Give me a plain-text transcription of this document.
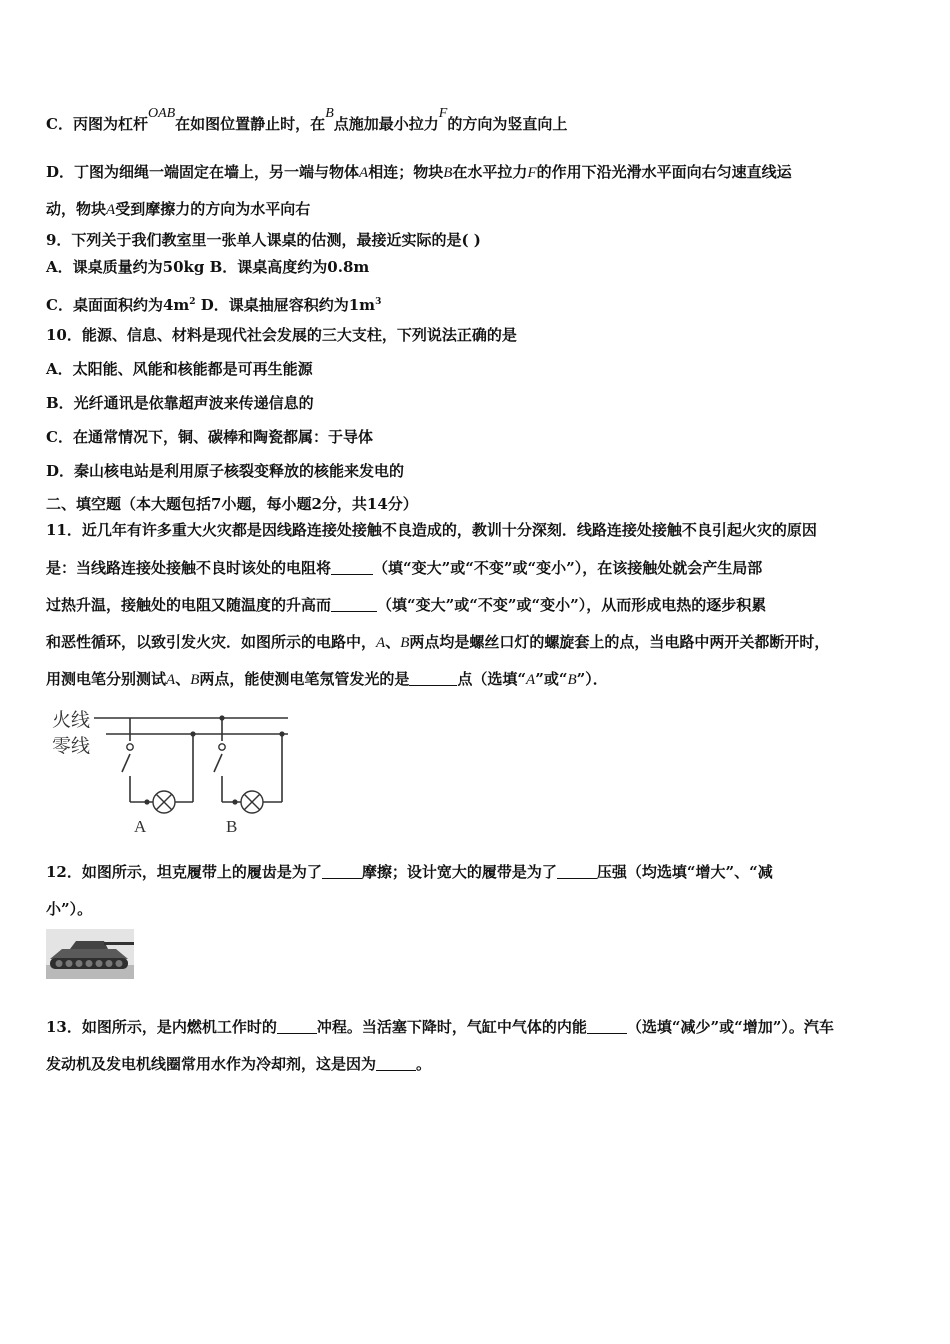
C．丙图为杠杆OAB在如图位置静止时，在B点施加最小拉力F的方向为竖直向上
D．丁图为细绳一端固定在墙上，另一端与物体A相连；物块B在水平拉力F的作用下沿光滑水平面向右匀速直线运
动，物块A受到摩擦力的方向为水平向右
9．下列关于我们教室里一张单人课桌的估测，最接近实际的是( )
A．课桌质量约为50kg B．课桌高度约为0.8m
C．桌面面积约为$4m^2$ D．课桌抽屉容积约为$1m^3$
10．能源、信息、材料是现代社会发展的三大支柱，下列说法正确的是
A．太阳能、风能和核能都是可再生能源
B．光纤通讯是依靠超声波来传递信息的
C．在通常情况下，铜、碳棒和陶瓷都属：于导体
D．秦山核电站是利用原子核裂变释放的核能来发电的
二、填空题（本大题包括7小题，每小题2分，共14分）
11．近几年有许多重大火灾都是因线路连接处接触不良造成的，教训十分深刻．线路连接处接触不良引起火灾的原因
是：当线路连接处接触不良时该处的电阻将	（填“变大”或“不变”或“变小”），在该接触处就会产生局部
过热升温，接触处的电阻又随温度的升高而	（填“变大”或“不变”或“变小”），从而形成电热的逐步积累
和恶性循环，以致引发火灾．如图所示的电路中，A、B两点均是螺丝口灯的螺旋套上的点，当电路中两开关都断开时，
用测电笔分别测试A、B两点，能使测电笔氖管发光的是	点（选填“A”或“B”）．
火线
零线
A	B
12．如图所示，坦克履带上的履齿是为了	摩擦；设计宽大的履带是为了	压强（均选填“增大”、“减
小”）。
13．如图所示，是内燃机工作时的	冲程。当活塞下降时，气缸中气体的内能	（选填“减少”或“增加”）。汽车
发动机及发电机线圈常用水作为冷却剂，这是因为	。
